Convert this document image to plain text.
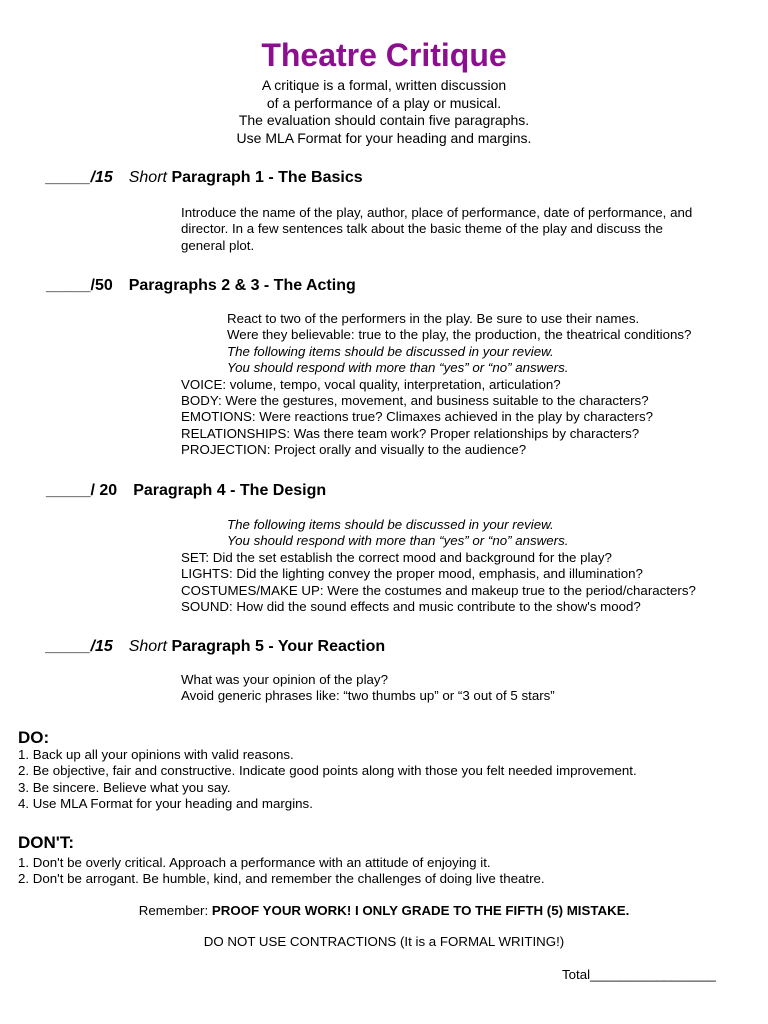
Theatre Critique
A critique is a formal, written discussion
of a performance of a play or musical.
The evaluation should contain five paragraphs.
Use MLA Format for your heading and margins.
_____/15 Short Paragraph 1 - The Basics
Introduce the name of the play, author, place of performance, date of performance, and
director. In a few sentences talk about the basic theme of the play and discuss the
general plot.
_____/50 Paragraphs 2 & 3 - The Acting
React to two of the performers in the play. Be sure to use their names.
Were they believable: true to the play, the production, the theatrical conditions?
The following items should be discussed in your review.
You should respond with more than “yes” or “no” answers.
VOICE: volume, tempo, vocal quality, interpretation, articulation?
BODY: Were the gestures, movement, and business suitable to the characters?
EMOTIONS: Were reactions true? Climaxes achieved in the play by characters?
RELATIONSHIPS: Was there team work? Proper relationships by characters?
PROJECTION: Project orally and visually to the audience?
_____/ 20 Paragraph 4 - The Design
The following items should be discussed in your review.
You should respond with more than “yes” or “no” answers.
SET: Did the set establish the correct mood and background for the play?
LIGHTS: Did the lighting convey the proper mood, emphasis, and illumination?
COSTUMES/MAKE UP: Were the costumes and makeup true to the period/characters?
SOUND: How did the sound effects and music contribute to the show's mood?
_____/15 Short Paragraph 5 - Your Reaction
What was your opinion of the play?
Avoid generic phrases like: “two thumbs up” or “3 out of 5 stars”
DO:
1. Back up all your opinions with valid reasons.
2. Be objective, fair and constructive. Indicate good points along with those you felt needed improvement.
3. Be sincere. Believe what you say.
4. Use MLA Format for your heading and margins.
DON'T:
1. Don't be overly critical. Approach a performance with an attitude of enjoying it.
2. Don't be arrogant. Be humble, kind, and remember the challenges of doing live theatre.
Remember: PROOF YOUR WORK! I ONLY GRADE TO THE FIFTH (5) MISTAKE.
DO NOT USE CONTRACTIONS (It is a FORMAL WRITING!)
Total_________________
